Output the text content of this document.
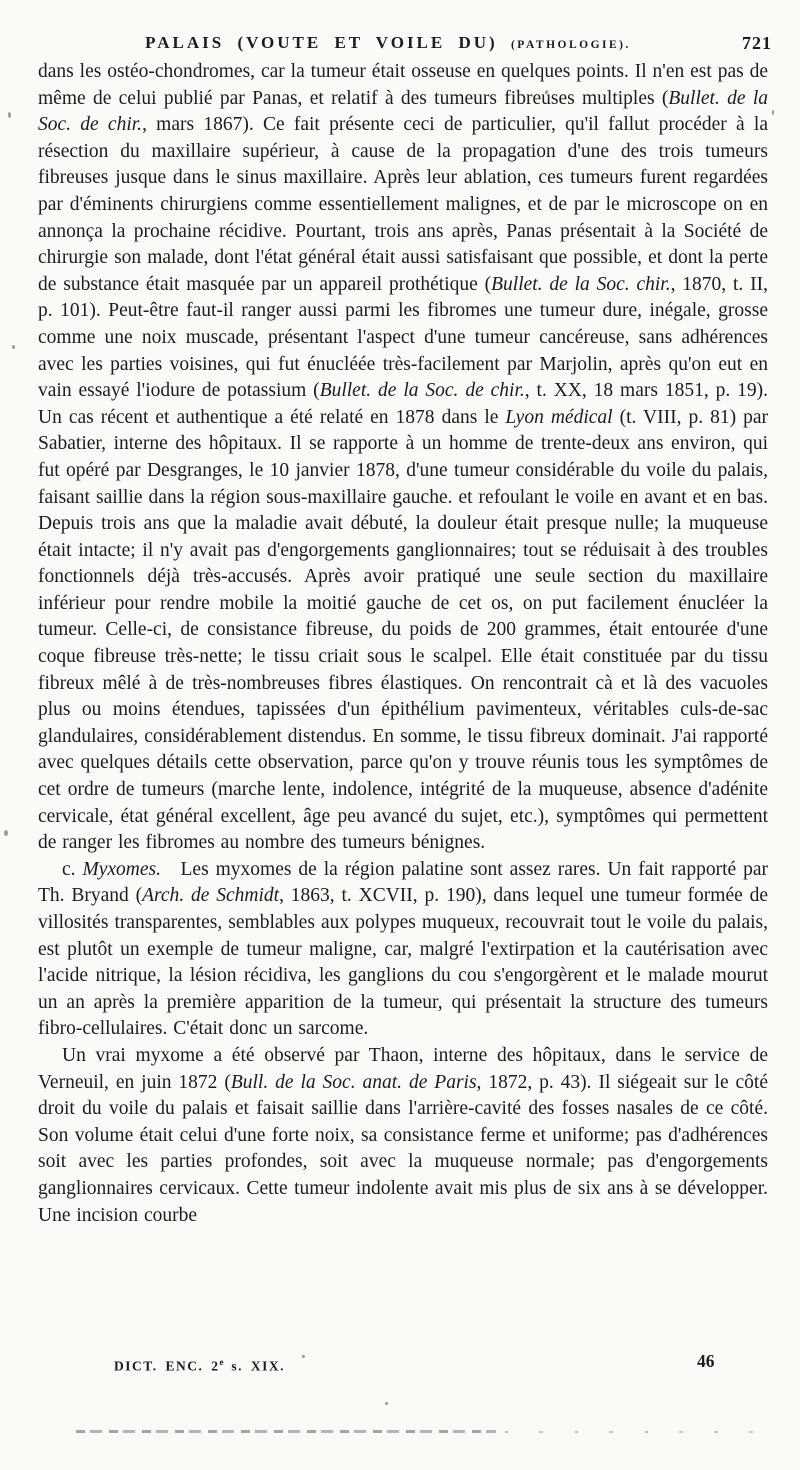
PALAIS (VOUTE ET VOILE DU) (PATHOLOGIE).	721

dans les ostéo-chondromes, car la tumeur était osseuse en quelques points. Il n'en est pas de même de celui publié par Panas, et relatif à des tumeurs fibreuses multiples (Bullet. de la Soc. de chir., mars 1867). Ce fait présente ceci de particulier, qu'il fallut procéder à la résection du maxillaire supérieur, à cause de la propagation d'une des trois tumeurs fibreuses jusque dans le sinus maxillaire. Après leur ablation, ces tumeurs furent regardées par d'éminents chirurgiens comme essentiellement malignes, et de par le microscope on en annonça la prochaine récidive. Pourtant, trois ans après, Panas présentait à la Société de chirurgie son malade, dont l'état général était aussi satisfaisant que possible, et dont la perte de substance était masquée par un appareil prothétique (Bullet. de la Soc. chir., 1870, t. II, p. 101). Peut-être faut-il ranger aussi parmi les fibromes une tumeur dure, inégale, grosse comme une noix muscade, présentant l'aspect d'une tumeur cancéreuse, sans adhérences avec les parties voisines, qui fut énucléée très-facilement par Marjolin, après qu'on eut en vain essayé l'iodure de potassium (Bullet. de la Soc. de chir., t. XX, 18 mars 1851, p. 19). Un cas récent et authentique a été relaté en 1878 dans le Lyon médical (t. VIII, p. 81) par Sabatier, interne des hôpitaux. Il se rapporte à un homme de trente-deux ans environ, qui fut opéré par Desgranges, le 10 janvier 1878, d'une tumeur considérable du voile du palais, faisant saillie dans la région sous-maxillaire gauche. et refoulant le voile en avant et en bas. Depuis trois ans que la maladie avait débuté, la douleur était presque nulle; la muqueuse était intacte; il n'y avait pas d'engorgements ganglionnaires; tout se réduisait à des troubles fonctionnels déjà très-accusés. Après avoir pratiqué une seule section du maxillaire inférieur pour rendre mobile la moitié gauche de cet os, on put facilement énucléer la tumeur. Celle-ci, de consistance fibreuse, du poids de 200 grammes, était entourée d'une coque fibreuse très-nette; le tissu criait sous le scalpel. Elle était constituée par du tissu fibreux mêlé à de très-nombreuses fibres élastiques. On rencontrait cà et là des vacuoles plus ou moins étendues, tapissées d'un épithélium pavimenteux, véritables culs-de-sac glandulaires, considérablement distendus. En somme, le tissu fibreux dominait. J'ai rapporté avec quelques détails cette observation, parce qu'on y trouve réunis tous les symptômes de cet ordre de tumeurs (marche lente, indolence, intégrité de la muqueuse, absence d'adénite cervicale, état général excellent, âge peu avancé du sujet, etc.), symptômes qui permettent de ranger les fibromes au nombre des tumeurs bénignes.

c. Myxomes. Les myxomes de la région palatine sont assez rares. Un fait rapporté par Th. Bryand (Arch. de Schmidt, 1863, t. XCVII, p. 190), dans lequel une tumeur formée de villosités transparentes, semblables aux polypes muqueux, recouvrait tout le voile du palais, est plutôt un exemple de tumeur maligne, car, malgré l'extirpation et la cautérisation avec l'acide nitrique, la lésion récidiva, les ganglions du cou s'engorgèrent et le malade mourut un an après la première apparition de la tumeur, qui présentait la structure des tumeurs fibro-cellulaires. C'était donc un sarcome.

Un vrai myxome a été observé par Thaon, interne des hôpitaux, dans le service de Verneuil, en juin 1872 (Bull. de la Soc. anat. de Paris, 1872, p. 43). Il siégeait sur le côté droit du voile du palais et faisait saillie dans l'arrière-cavité des fosses nasales de ce côté. Son volume était celui d'une forte noix, sa consistance ferme et uniforme; pas d'adhérences soit avec les parties profondes, soit avec la muqueuse normale; pas d'engorgements ganglionnaires cervicaux. Cette tumeur indolente avait mis plus de six ans à se développer. Une incision courbe

DICT. ENC. 2e s. XIX.	46
